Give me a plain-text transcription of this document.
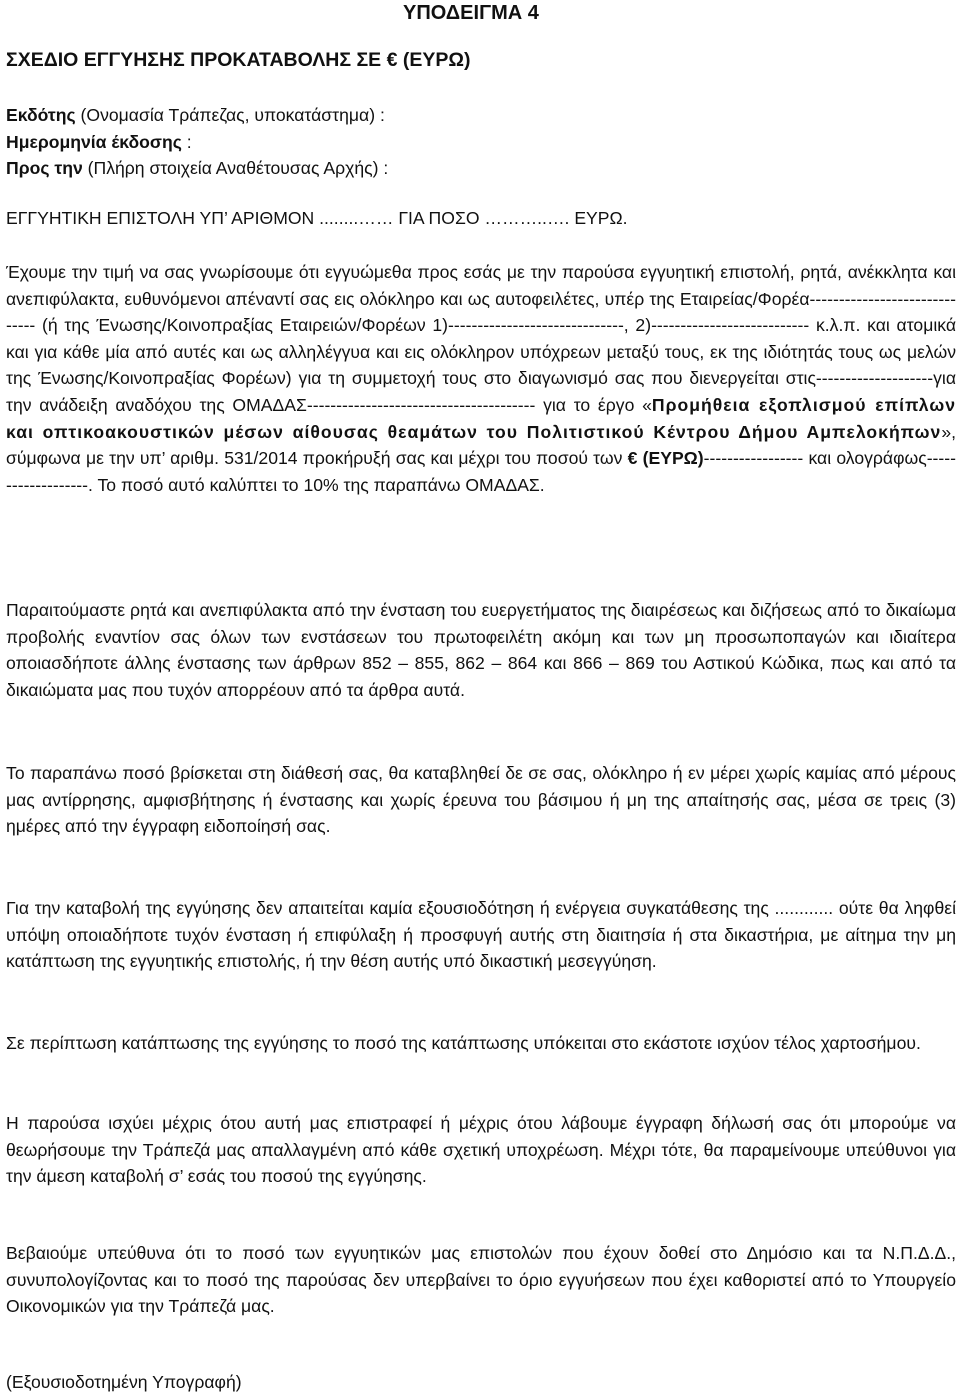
ΥΠΟΔΕΙΓΜΑ 4

ΣΧΕΔΙΟ ΕΓΓΥΗΣΗΣ ΠΡΟΚΑΤΑΒΟΛΗΣ ΣΕ € (ΕΥΡΩ)

Εκδότης (Ονομασία Τράπεζας, υποκατάστημα) :
Ημερομηνία έκδοσης :
Προς την (Πλήρη στοιχεία Αναθέτουσας Αρχής) :

ΕΓΓΥΗΤΙΚΗ ΕΠΙΣΤΟΛΗ ΥΠ’ ΑΡΙΘΜΟΝ ........…… ΓΙΑ ΠΟΣΟ ………..…. ΕΥΡΩ.

Έχουμε την τιμή να σας γνωρίσουμε ότι εγγυώμεθα προς εσάς με την παρούσα εγγυητική επιστολή, ρητά, ανέκκλητα και ανεπιφύλακτα, ευθυνόμενοι απέναντί σας εις ολόκληρο και ως αυτοφειλέτες, υπέρ της Εταιρείας/Φορέα------------------------------ (ή της Ένωσης/Κοινοπραξίας Εταιρειών/Φορέων 1)------------------------------, 2)--------------------------- κ.λ.π. και ατομικά και για κάθε μία από αυτές και ως αλληλέγγυα και εις ολόκληρον υπόχρεων μεταξύ τους, εκ της ιδιότητάς τους ως μελών της Ένωσης/Κοινοπραξίας Φορέων) για τη συμμετοχή τους στο διαγωνισμό σας που διενεργείται στις--------------------για την ανάδειξη αναδόχου της ΟΜΑΔΑΣ--------------------------------------- για το έργο «Προμήθεια εξοπλισμού επίπλων και οπτικοακουστικών μέσων αίθουσας θεαμάτων του Πολιτιστικού Κέντρου Δήμου Αμπελοκήπων», σύμφωνα με την υπ’ αριθμ. 531/2014 προκήρυξή σας και μέχρι του ποσού των € (ΕΥΡΩ)----------------- και ολογράφως-------------------. Το ποσό αυτό καλύπτει το 10% της παραπάνω ΟΜΑΔΑΣ.

Παραιτούμαστε ρητά και ανεπιφύλακτα από την ένσταση του ευεργετήματος της διαιρέσεως και διζήσεως από το δικαίωμα προβολής εναντίον σας όλων των ενστάσεων του πρωτοφειλέτη ακόμη και των μη προσωποπαγών και ιδιαίτερα οποιασδήποτε άλλης ένστασης των άρθρων 852 – 855, 862 – 864 και 866 – 869 του Αστικού Κώδικα, πως και από τα δικαιώματα μας που τυχόν απορρέουν από τα άρθρα αυτά.

Το παραπάνω ποσό βρίσκεται στη διάθεσή σας, θα καταβληθεί δε σε σας, ολόκληρο ή εν μέρει χωρίς καμίας από μέρους μας αντίρρησης, αμφισβήτησης ή ένστασης και χωρίς έρευνα του βάσιμου ή μη της απαίτησής σας, μέσα σε τρεις (3) ημέρες από την έγγραφη ειδοποίησή σας.

Για την καταβολή της εγγύησης δεν απαιτείται καμία εξουσιοδότηση ή ενέργεια συγκατάθεσης της ............ ούτε θα ληφθεί υπόψη οποιαδήποτε τυχόν ένσταση ή επιφύλαξη ή προσφυγή αυτής στη διαιτησία ή στα δικαστήρια, με αίτημα την μη κατάπτωση της εγγυητικής επιστολής, ή την θέση αυτής υπό δικαστική μεσεγγύηση.

Σε περίπτωση κατάπτωσης της εγγύησης το ποσό της κατάπτωσης υπόκειται στο εκάστοτε ισχύον τέλος χαρτοσήμου.

Η παρούσα ισχύει μέχρις ότου αυτή μας επιστραφεί ή μέχρις ότου λάβουμε έγγραφη δήλωσή σας ότι μπορούμε να θεωρήσουμε την Τράπεζά μας απαλλαγμένη από κάθε σχετική υποχρέωση. Μέχρι τότε, θα παραμείνουμε υπεύθυνοι για την άμεση καταβολή σ’ εσάς του ποσού της εγγύησης.

Βεβαιούμε υπεύθυνα ότι το ποσό των εγγυητικών μας επιστολών που έχουν δοθεί στο Δημόσιο και τα Ν.Π.Δ.Δ., συνυπολογίζοντας και το ποσό της παρούσας δεν υπερβαίνει το όριο εγγυήσεων που έχει καθοριστεί από το Υπουργείο Οικονομικών για την Τράπεζά μας.

(Εξουσιοδοτημένη Υπογραφή)
